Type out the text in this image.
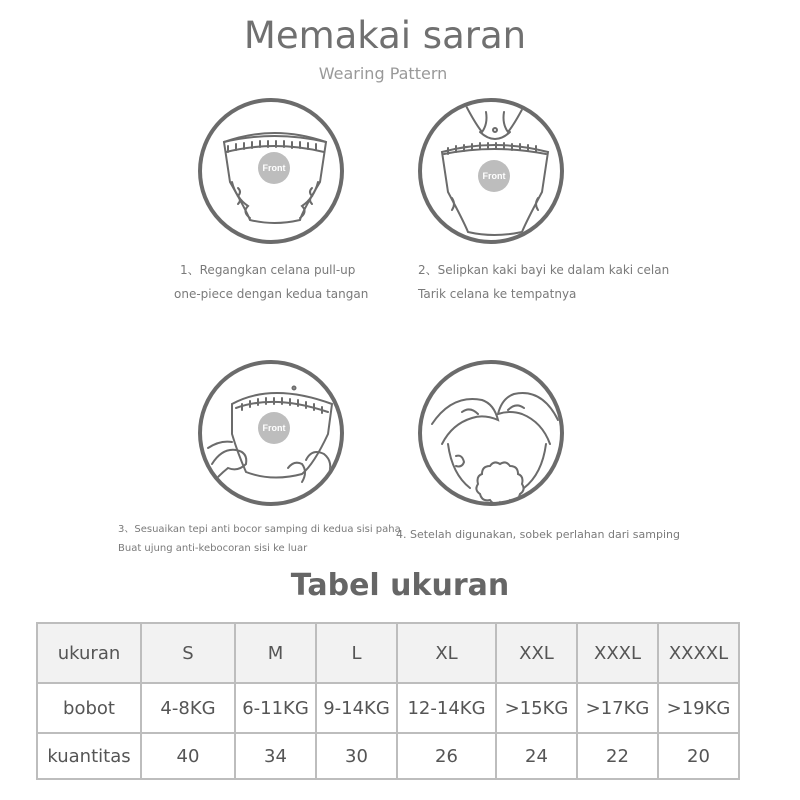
Memakai saran
Wearing Pattern
Front
Front
1、Regangkan celana pull-up
one-piece dengan kedua tangan
2、Selipkan kaki bayi ke dalam kaki celan
Tarik celana ke tempatnya
Front
3、Sesuaikan tepi anti bocor samping di kedua sisi paha
Buat ujung anti-kebocoran sisi ke luar
4. Setelah digunakan, sobek perlahan dari samping
Tabel ukuran
ukuran	S	M	L	XL	XXL	XXXL	XXXXL
bobot	4-8KG	6-11KG	9-14KG	12-14KG	>15KG	>17KG	>19KG
kuantitas	40	34	30	26	24	22	20
